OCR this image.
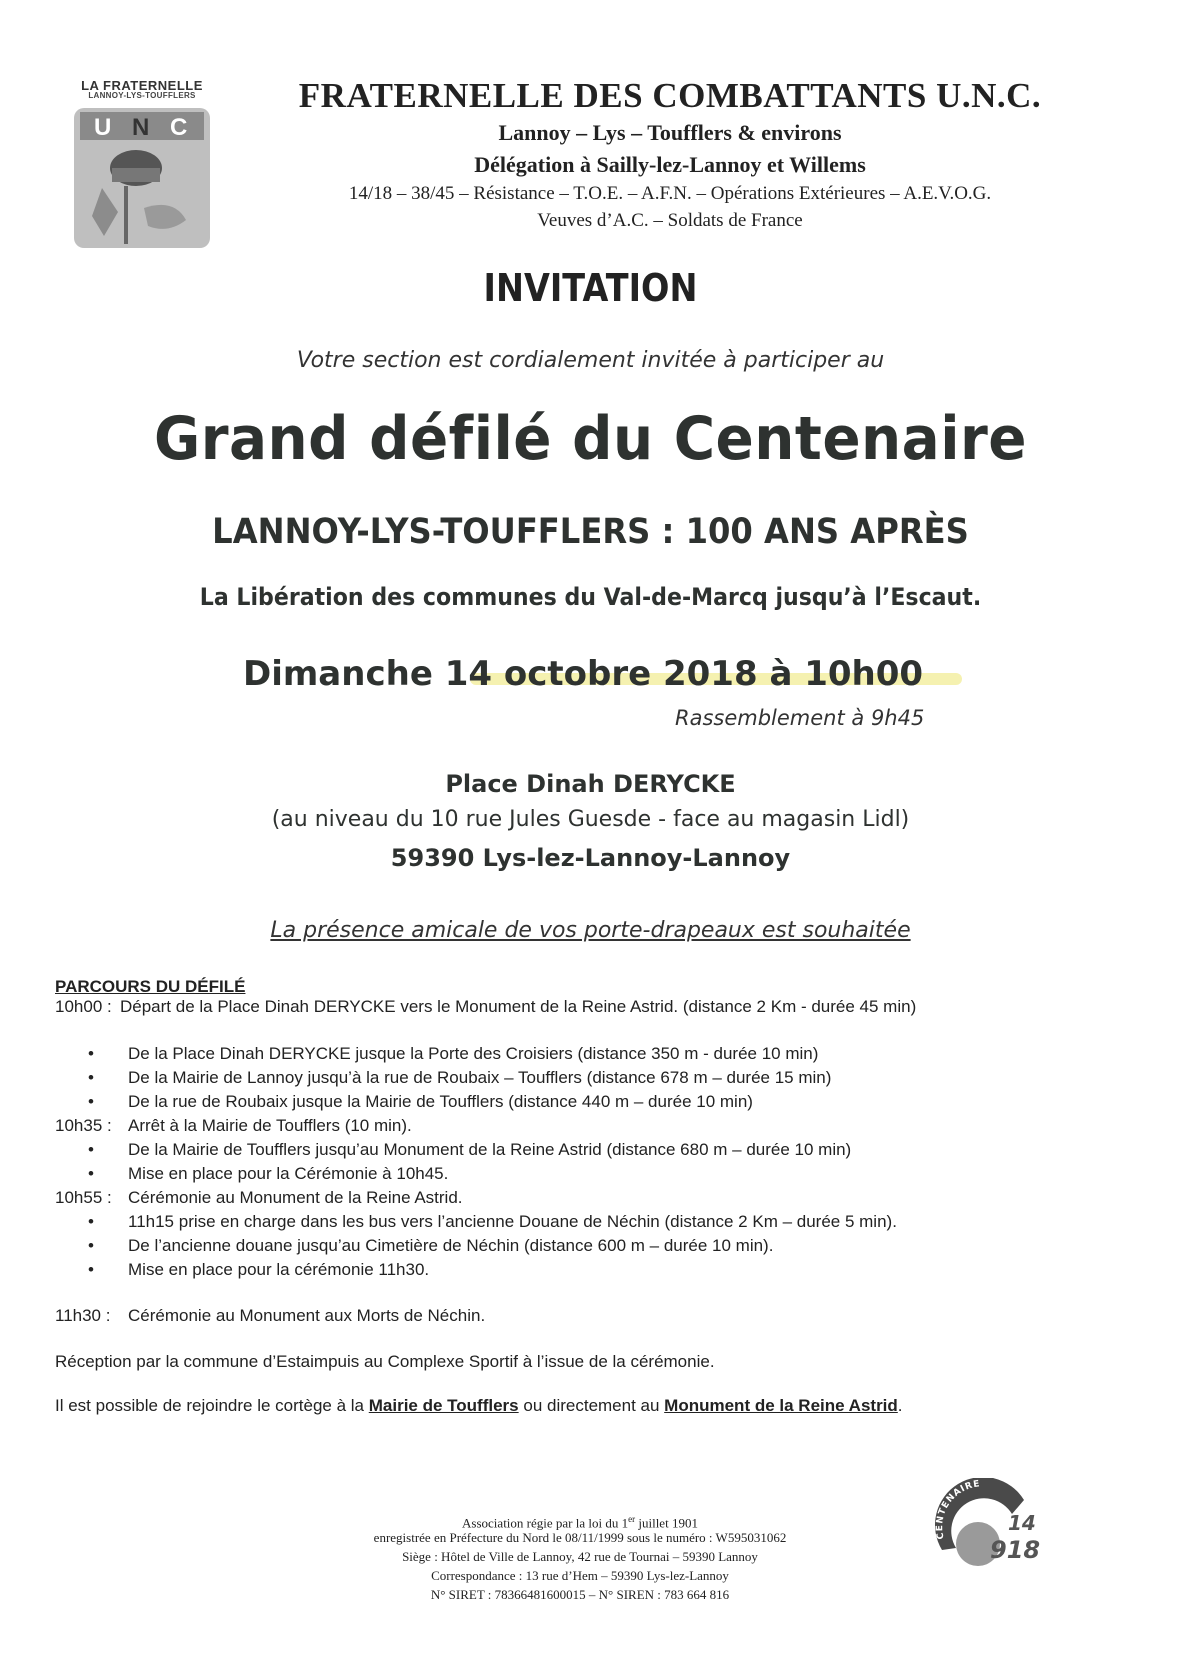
LA FRATERNELLE
LANNOY-LYS-TOUFFLERS
U N C
FRATERNELLE DES COMBATTANTS U.N.C.
Lannoy – Lys – Toufflers & environs
Délégation à Sailly-lez-Lannoy et Willems
14/18 – 38/45 – Résistance – T.O.E. – A.F.N. – Opérations Extérieures – A.E.V.O.G.
Veuves d’A.C. – Soldats de France
INVITATION
Votre section est cordialement invitée à participer au
Grand défilé du Centenaire
LANNOY-LYS-TOUFFLERS : 100 ANS APRÈS
La Libération des communes du Val-de-Marcq jusqu’à l’Escaut.
Dimanche 14 octobre 2018 à 10h00
Rassemblement à 9h45
Place Dinah DERYCKE
(au niveau du 10 rue Jules Guesde - face au magasin Lidl)
59390 Lys-lez-Lannoy-Lannoy
La présence amicale de vos porte-drapeaux est souhaitée
PARCOURS DU DÉFILÉ
10h00 : Départ de la Place Dinah DERYCKE vers le Monument de la Reine Astrid. (distance 2 Km - durée 45 min)
De la Place Dinah DERYCKE jusque la Porte des Croisiers (distance 350 m - durée 10 min)
De la Mairie de Lannoy jusqu’à la rue de Roubaix – Toufflers (distance 678 m – durée 15 min)
De la rue de Roubaix jusque la Mairie de Toufflers (distance 440 m – durée 10 min)
10h35 : Arrêt à la Mairie de Toufflers (10 min).
De la Mairie de Toufflers jusqu’au Monument de la Reine Astrid (distance 680 m – durée 10 min)
Mise en place pour la Cérémonie à 10h45.
10h55 : Cérémonie au Monument de la Reine Astrid.
11h15 prise en charge dans les bus vers l’ancienne Douane de Néchin (distance 2 Km – durée 5 min).
De l’ancienne douane jusqu’au Cimetière de Néchin (distance 600 m – durée 10 min).
Mise en place pour la cérémonie 11h30.
11h30 : Cérémonie au Monument aux Morts de Néchin.
Réception par la commune d’Estaimpuis au Complexe Sportif à l’issue de la cérémonie.
Il est possible de rejoindre le cortège à la Mairie de Toufflers ou directement au Monument de la Reine Astrid.
Association régie par la loi du 1er juillet 1901
enregistrée en Préfecture du Nord le 08/11/1999 sous le numéro : W595031062
Siège : Hôtel de Ville de Lannoy, 42 rue de Tournai – 59390 Lannoy
Correspondance : 13 rue d’Hem – 59390 Lys-lez-Lannoy
N° SIRET : 78366481600015 – N° SIREN : 783 664 816
CENTENAIRE
14
918
